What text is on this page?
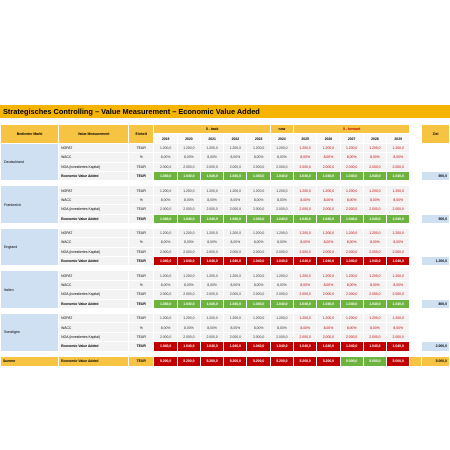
Strategisches Controlling – Value Measurement – Economic Value Added
Bedienter Markt	Value Measurement	Einheit	5 - back					now	5 - forward						Ziel
			2019	2020	2021	2022	2023	2024	2025	2026	2027	2028	2029		
Deutschland	NOPAT	TEUR	1.200,0	1.200,0	1.200,0	1.200,0	1.200,0	1.200,0	1.200,0	1.200,0	1.200,0	1.200,0	1.200,0		
	WACC	%	8,00%	8,00%	8,00%	8,00%	8,00%	8,00%	8,00%	8,00%	8,00%	8,00%	8,00%		
	NOA (investiertes Kapital)	TEUR	2.000,0	2.000,0	2.000,0	2.000,0	2.000,0	2.000,0	2.000,0	2.000,0	2.000,0	2.000,0	2.000,0		
	Economic Value Added	TEUR	1.040,0	1.040,0	1.040,0	1.040,0	1.040,0	1.040,0	1.040,0	1.040,0	1.040,0	1.040,0	1.040,0		500,0

Frankreich	NOPAT	TEUR	1.200,0	1.200,0	1.200,0	1.200,0	1.200,0	1.200,0	1.200,0	1.200,0	1.200,0	1.200,0	1.200,0		
	WACC	%	8,00%	8,00%	8,00%	8,00%	8,00%	8,00%	8,00%	8,00%	8,00%	8,00%	8,00%		
	NOA (investiertes Kapital)	TEUR	2.000,0	2.000,0	2.000,0	2.000,0	2.000,0	2.000,0	2.000,0	2.000,0	2.000,0	2.000,0	2.000,0		
	Economic Value Added	TEUR	1.040,0	1.040,0	1.040,0	1.040,0	1.040,0	1.040,0	1.040,0	1.040,0	1.040,0	1.040,0	1.040,0		500,0

England	NOPAT	TEUR	1.200,0	1.200,0	1.200,0	1.200,0	1.200,0	1.200,0	1.200,0	1.200,0	1.200,0	1.200,0	1.200,0		
	WACC	%	8,00%	8,00%	8,00%	8,00%	8,00%	8,00%	8,00%	8,00%	8,00%	8,00%	8,00%		
	NOA (investiertes Kapital)	TEUR	2.000,0	2.000,0	2.000,0	2.000,0	2.000,0	2.000,0	2.000,0	2.000,0	2.000,0	2.000,0	2.000,0		
	Economic Value Added	TEUR	1.040,0	1.040,0	1.040,0	1.040,0	1.040,0	1.040,0	1.040,0	1.040,0	1.040,0	1.040,0	1.040,0		1.200,0

Italien	NOPAT	TEUR	1.200,0	1.200,0	1.200,0	1.200,0	1.200,0	1.200,0	1.200,0	1.200,0	1.200,0	1.200,0	1.200,0		
	WACC	%	8,00%	8,00%	8,00%	8,00%	8,00%	8,00%	8,00%	8,00%	8,00%	8,00%	8,00%		
	NOA (investiertes Kapital)	TEUR	2.000,0	2.000,0	2.000,0	2.000,0	2.000,0	2.000,0	2.000,0	2.000,0	2.000,0	2.000,0	2.000,0		
	Economic Value Added	TEUR	1.040,0	1.040,0	1.040,0	1.040,0	1.040,0	1.040,0	1.040,0	1.040,0	1.040,0	1.040,0	1.040,0		800,0

Sonstiges	NOPAT	TEUR	1.200,0	1.200,0	1.200,0	1.200,0	1.200,0	1.200,0	1.200,0	1.200,0	1.200,0	1.200,0	1.200,0		
	WACC	%	8,00%	8,00%	8,00%	8,00%	8,00%	8,00%	8,00%	8,00%	8,00%	8,00%	8,00%		
	NOA (investiertes Kapital)	TEUR	2.000,0	2.000,0	2.000,0	2.000,0	2.000,0	2.000,0	2.000,0	2.000,0	2.000,0	2.000,0	2.000,0		
	Economic Value Added	TEUR	1.040,0	1.040,0	1.040,0	1.040,0	1.040,0	1.040,0	1.040,0	1.040,0	1.040,0	1.040,0	1.040,0		2.000,0

Summe	Economic Value Added	TEUR	5.200,0	5.200,0	5.200,0	5.200,0	5.200,0	5.200,0	5.200,0	5.200,0	5.000,0	5.000,0	5.000,0		5.000,0
